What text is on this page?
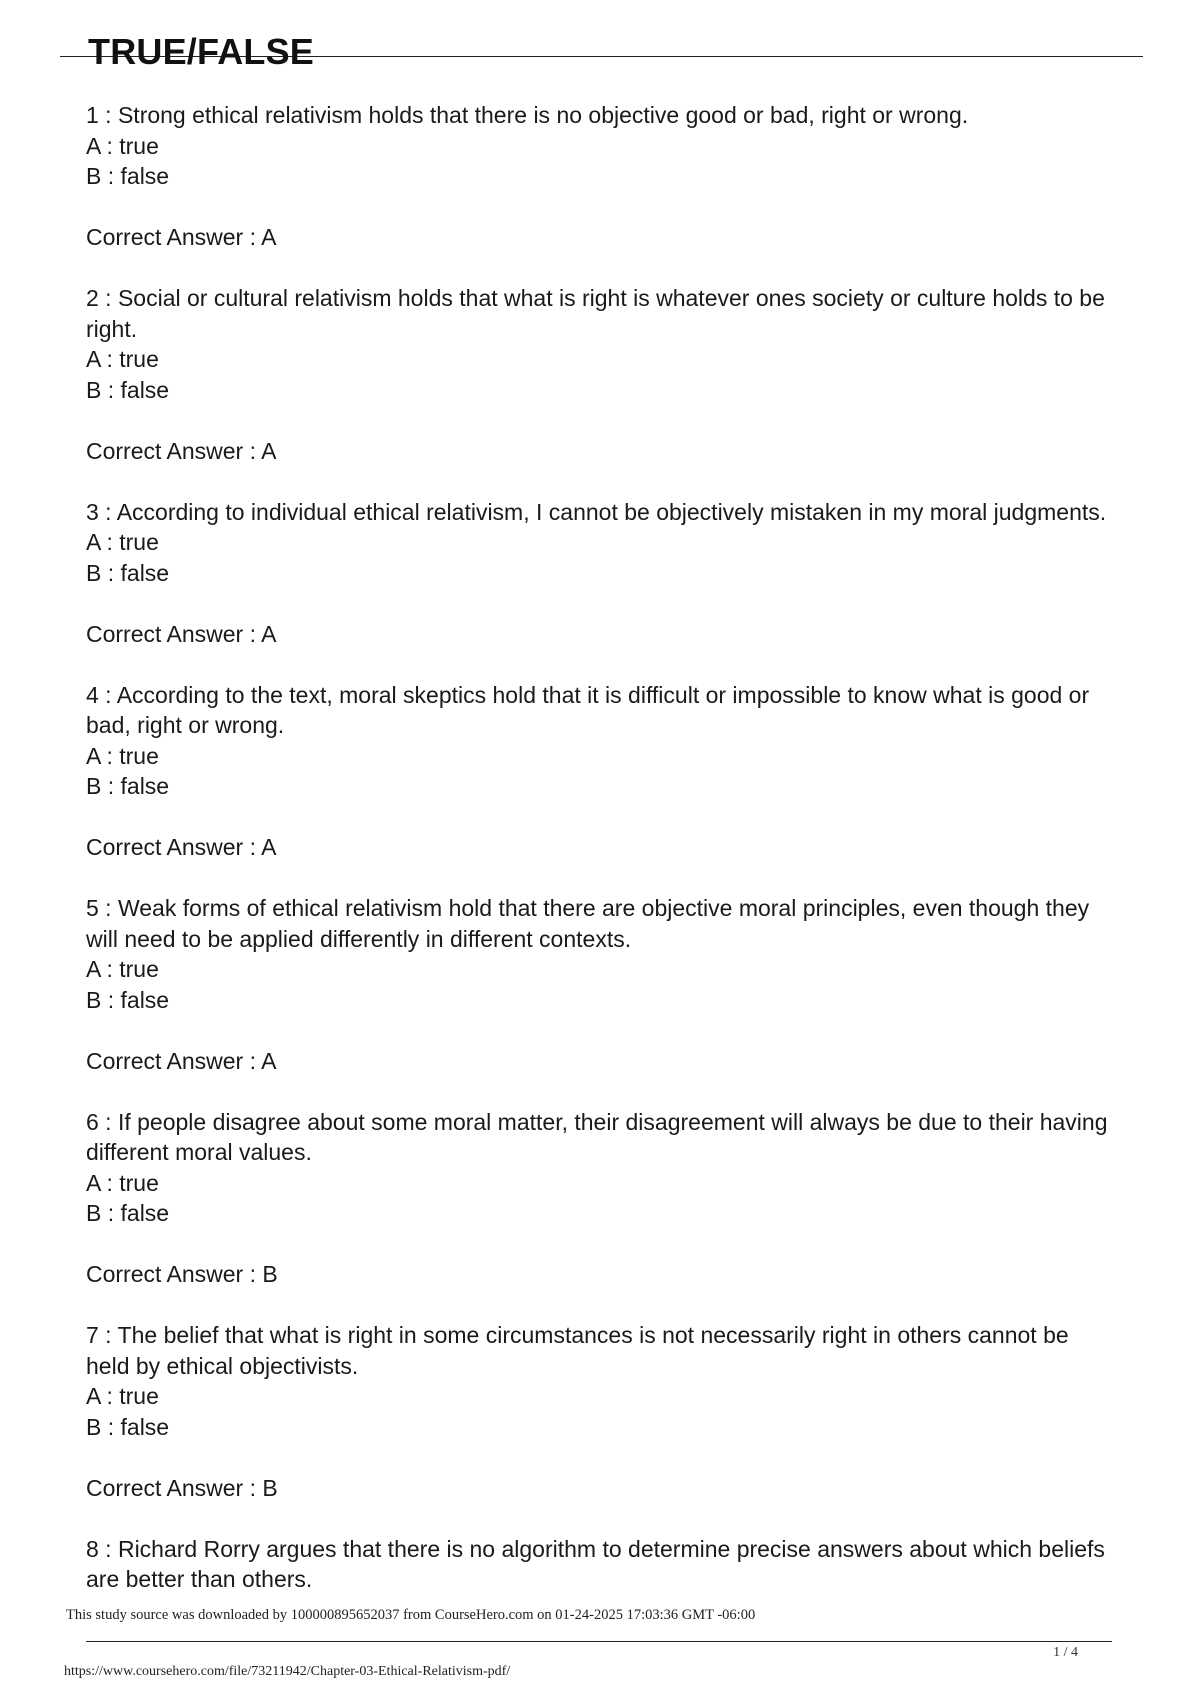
TRUE/FALSE
1 : Strong ethical relativism holds that there is no objective good or bad, right or wrong.
A : true
B : false
Correct Answer : A
2 : Social or cultural relativism holds that what is right is whatever ones society or culture holds to be right.
A : true
B : false
Correct Answer : A
3 : According to individual ethical relativism, I cannot be objectively mistaken in my moral judgments.
A : true
B : false
Correct Answer : A
4 : According to the text, moral skeptics hold that it is difficult or impossible to know what is good or bad, right or wrong.
A : true
B : false
Correct Answer : A
5 : Weak forms of ethical relativism hold that there are objective moral principles, even though they will need to be applied differently in different contexts.
A : true
B : false
Correct Answer : A
6 : If people disagree about some moral matter, their disagreement will always be due to their having different moral values.
A : true
B : false
Correct Answer : B
7 : The belief that what is right in some circumstances is not necessarily right in others cannot be held by ethical objectivists.
A : true
B : false
Correct Answer : B
8 : Richard Rorry argues that there is no algorithm to determine precise answers about which beliefs are better than others.
This study source was downloaded by 100000895652037 from CourseHero.com on 01-24-2025 17:03:36 GMT -06:00
1 / 4
https://www.coursehero.com/file/73211942/Chapter-03-Ethical-Relativism-pdf/
